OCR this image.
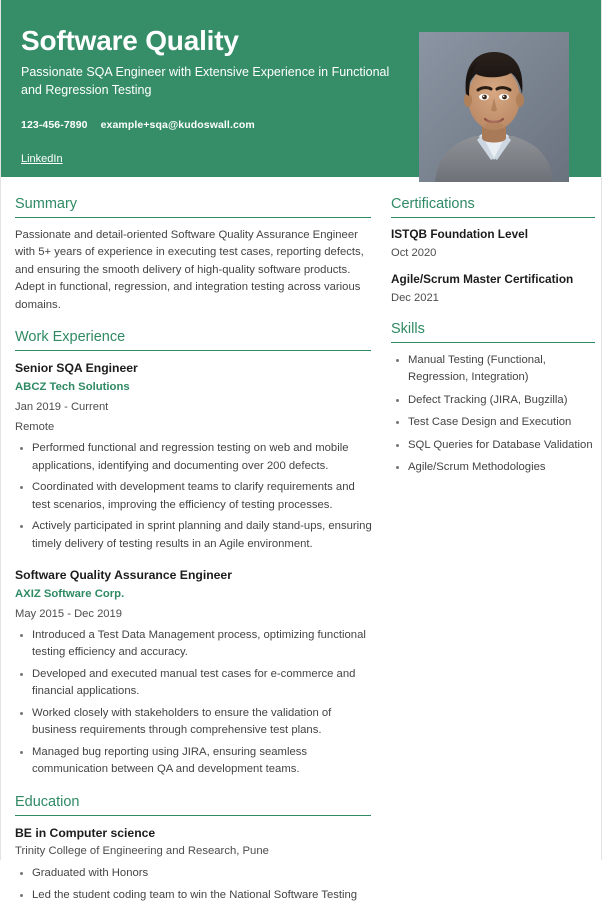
Software Quality
Passionate SQA Engineer with Extensive Experience in Functional and Regression Testing
123-456-7890 example+sqa@kudoswall.com
LinkedIn
Summary

Passionate and detail-oriented Software Quality Assurance Engineer with 5+ years of experience in executing test cases, reporting defects, and ensuring the smooth delivery of high-quality software products. Adept in functional, regression, and integration testing across various domains.

Work Experience
Senior SQA Engineer
ABCZ Tech Solutions
Jan 2019 - Current
Remote
Performed functional and regression testing on web and mobile applications, identifying and documenting over 200 defects.
Coordinated with development teams to clarify requirements and test scenarios, improving the efficiency of testing processes.
Actively participated in sprint planning and daily stand-ups, ensuring timely delivery of testing results in an Agile environment.
Software Quality Assurance Engineer
AXIZ Software Corp.
May 2015 - Dec 2019
Introduced a Test Data Management process, optimizing functional testing efficiency and accuracy.
Developed and executed manual test cases for e-commerce and financial applications.
Worked closely with stakeholders to ensure the validation of business requirements through comprehensive test plans.
Managed bug reporting using JIRA, ensuring seamless communication between QA and development teams.
Education
BE in Computer science
Trinity College of Engineering and Research, Pune
Graduated with Honors
Led the student coding team to win the National Software Testing
Certifications
ISTQB Foundation Level
Oct 2020
Agile/Scrum Master Certification
Dec 2021
Skills
Manual Testing (Functional, Regression, Integration)
Defect Tracking (JIRA, Bugzilla)
Test Case Design and Execution
SQL Queries for Database Validation
Agile/Scrum Methodologies
